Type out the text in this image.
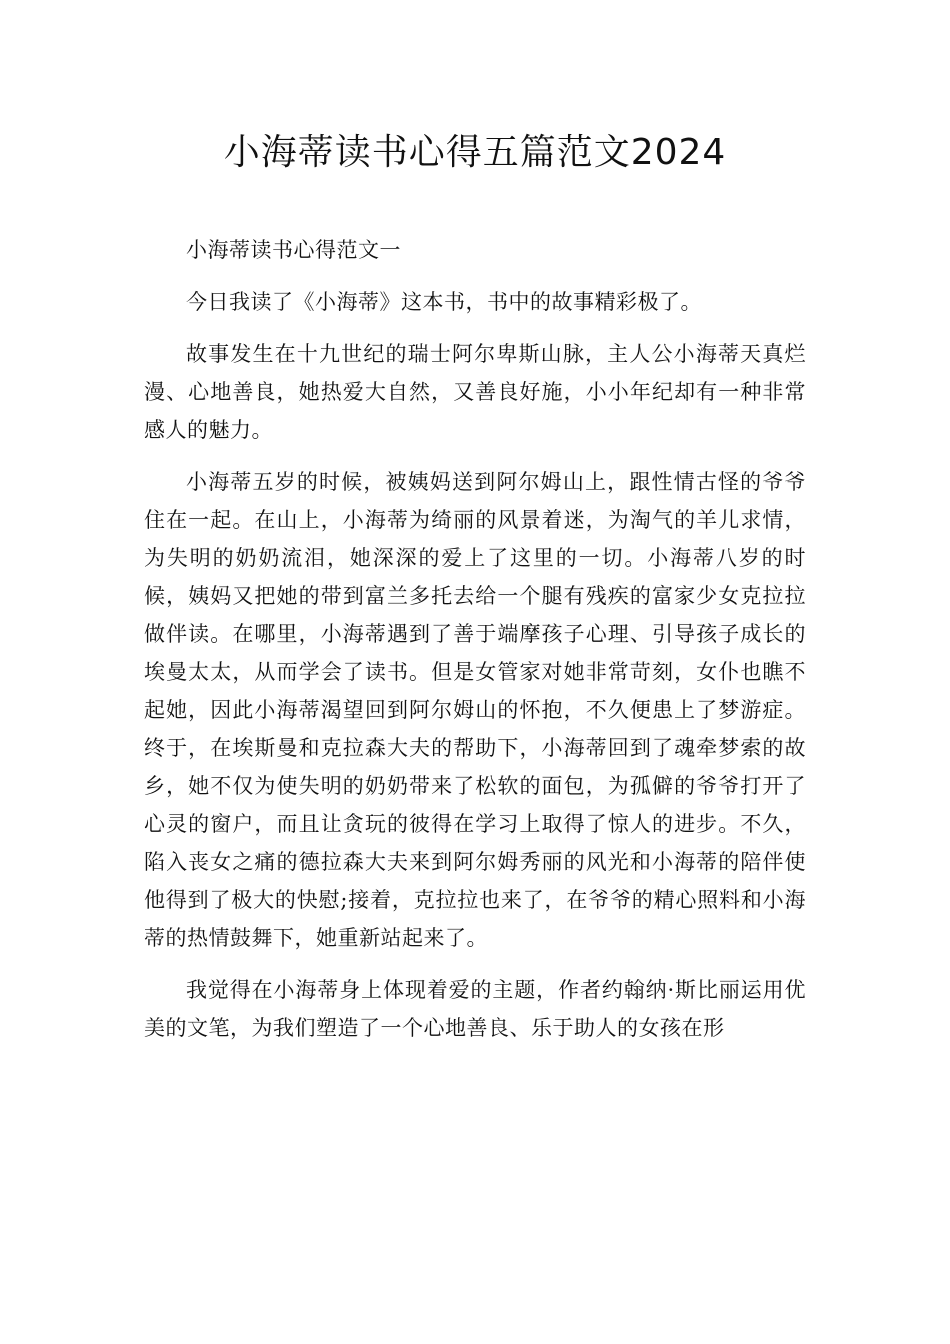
小海蒂读书心得五篇范文2024

小海蒂读书心得范文一

今日我读了《小海蒂》这本书，书中的故事精彩极了。

故事发生在十九世纪的瑞士阿尔卑斯山脉，主人公小海蒂天真烂漫、心地善良，她热爱大自然，又善良好施，小小年纪却有一种非常感人的魅力。

小海蒂五岁的时候，被姨妈送到阿尔姆山上，跟性情古怪的爷爷住在一起。在山上，小海蒂为绮丽的风景着迷，为淘气的羊儿求情，为失明的奶奶流泪，她深深的爱上了这里的一切。小海蒂八岁的时候，姨妈又把她的带到富兰多托去给一个腿有残疾的富家少女克拉拉做伴读。在哪里，小海蒂遇到了善于端摩孩子心理、引导孩子成长的埃曼太太，从而学会了读书。但是女管家对她非常苛刻，女仆也瞧不起她，因此小海蒂渴望回到阿尔姆山的怀抱，不久便患上了梦游症。终于，在埃斯曼和克拉森大夫的帮助下，小海蒂回到了魂牵梦索的故乡，她不仅为使失明的奶奶带来了松软的面包，为孤僻的爷爷打开了心灵的窗户，而且让贪玩的彼得在学习上取得了惊人的进步。不久，陷入丧女之痛的德拉森大夫来到阿尔姆秀丽的风光和小海蒂的陪伴使他得到了极大的快慰;接着，克拉拉也来了，在爷爷的精心照料和小海蒂的热情鼓舞下，她重新站起来了。

我觉得在小海蒂身上体现着爱的主题，作者约翰纳·斯比丽运用优美的文笔，为我们塑造了一个心地善良、乐于助人的女孩在形
